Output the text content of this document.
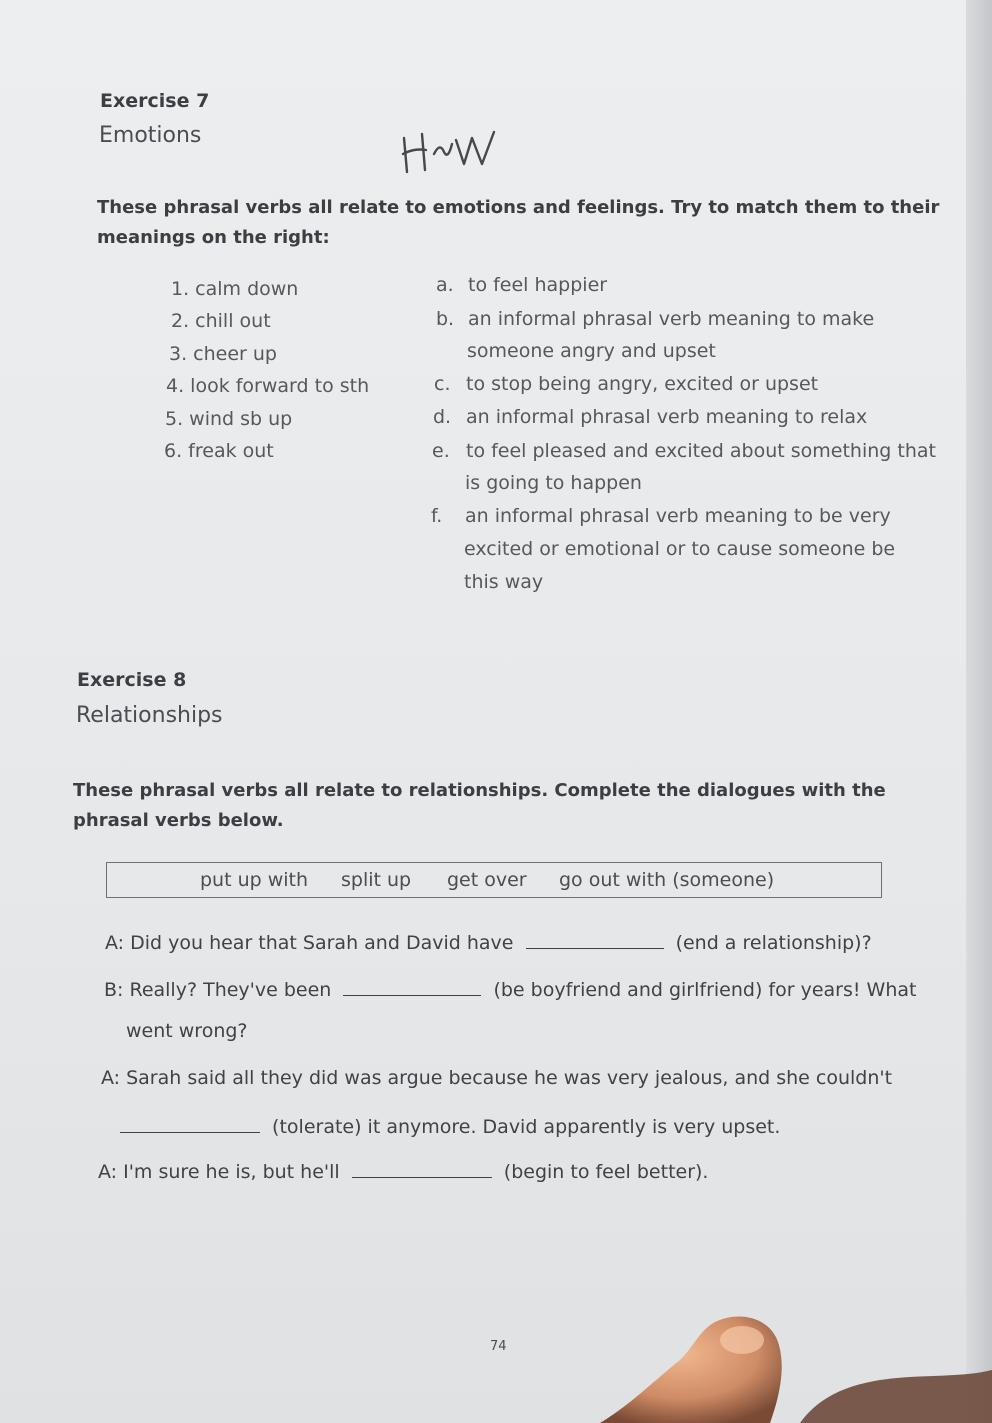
Exercise 7
Emotions
These phrasal verbs all relate to emotions and feelings. Try to match them to their meanings on the right:
1. calm down
2. chill out
3. cheer up
4. look forward to sth
5. wind sb up
6. freak out
a. to feel happier
b. an informal phrasal verb meaning to make
someone angry and upset
c. to stop being angry, excited or upset
d. an informal phrasal verb meaning to relax
e. to feel pleased and excited about something that
is going to happen
f. an informal phrasal verb meaning to be very
excited or emotional or to cause someone be
this way
Exercise 8
Relationships
These phrasal verbs all relate to relationships. Complete the dialogues with the phrasal verbs below.
put up with split up get over go out with (someone)
A: Did you hear that Sarah and David have	(end a relationship)?
B: Really? They've been	(be boyfriend and girlfriend) for years! What
went wrong?
A: Sarah said all they did was argue because he was very jealous, and she couldn't
(tolerate) it anymore. David apparently is very upset.
A: I'm sure he is, but he'll	(begin to feel better).
74
